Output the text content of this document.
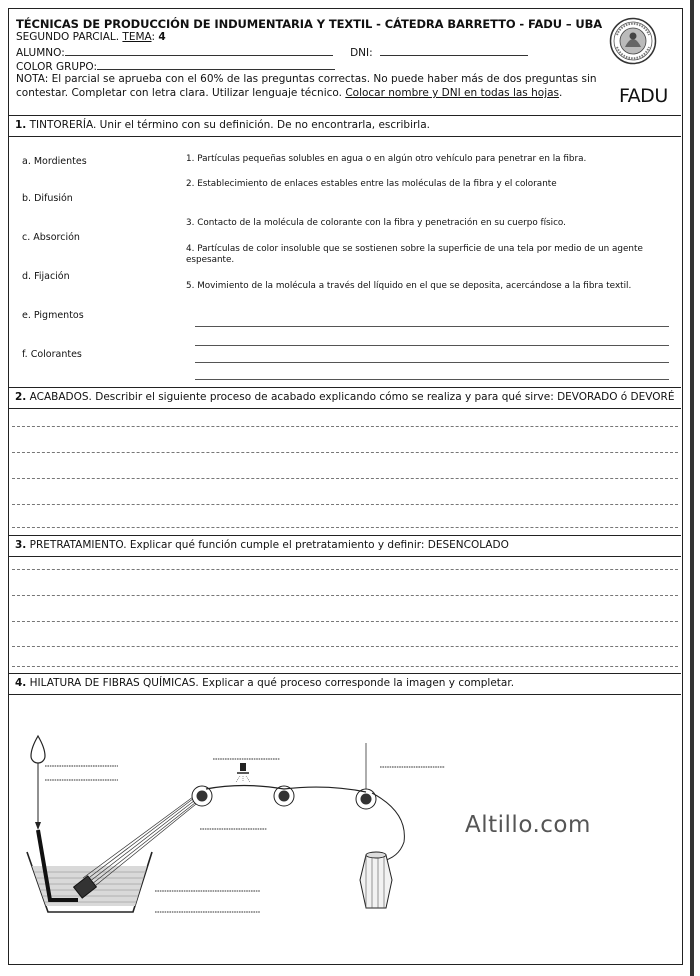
TÉCNICAS DE PRODUCCIÓN DE INDUMENTARIA Y TEXTIL - CÁTEDRA BARRETTO - FADU – UBA
SEGUNDO PARCIAL. TEMA: 4
ALUMNO:	DNI:
COLOR GRUPO:
NOTA: El parcial se aprueba con el 60% de las preguntas correctas. No puede haber más de dos preguntas sin
contestar. Completar con letra clara. Utilizar lenguaje técnico. Colocar nombre y DNI en todas las hojas.	FADU
1. TINTORERÍA. Unir el término con su definición. De no encontrarla, escribirla.
a. Mordientes
b. Difusión
c. Absorción
d. Fijación
e. Pigmentos
f. Colorantes
1. Partículas pequeñas solubles en agua o en algún otro vehículo para penetrar en la fibra.
2. Establecimiento de enlaces estables entre las moléculas de la fibra y el colorante
3. Contacto de la molécula de colorante con la fibra y penetración en su cuerpo físico.
4. Partículas de color insoluble que se sostienen sobre la superficie de una tela por medio de un agente espesante.
5. Movimiento de la molécula a través del líquido en el que se deposita, acercándose a la fibra textil.
2. ACABADOS. Describir el siguiente proceso de acabado explicando cómo se realiza y para qué sirve: DEVORADO ó DEVORÉ
3. PRETRATAMIENTO. Explicar qué función cumple el pretratamiento y definir: DESENCOLADO
4. HILATURA DE FIBRAS QUÍMICAS. Explicar a qué proceso corresponde la imagen y completar.
Altillo.com
